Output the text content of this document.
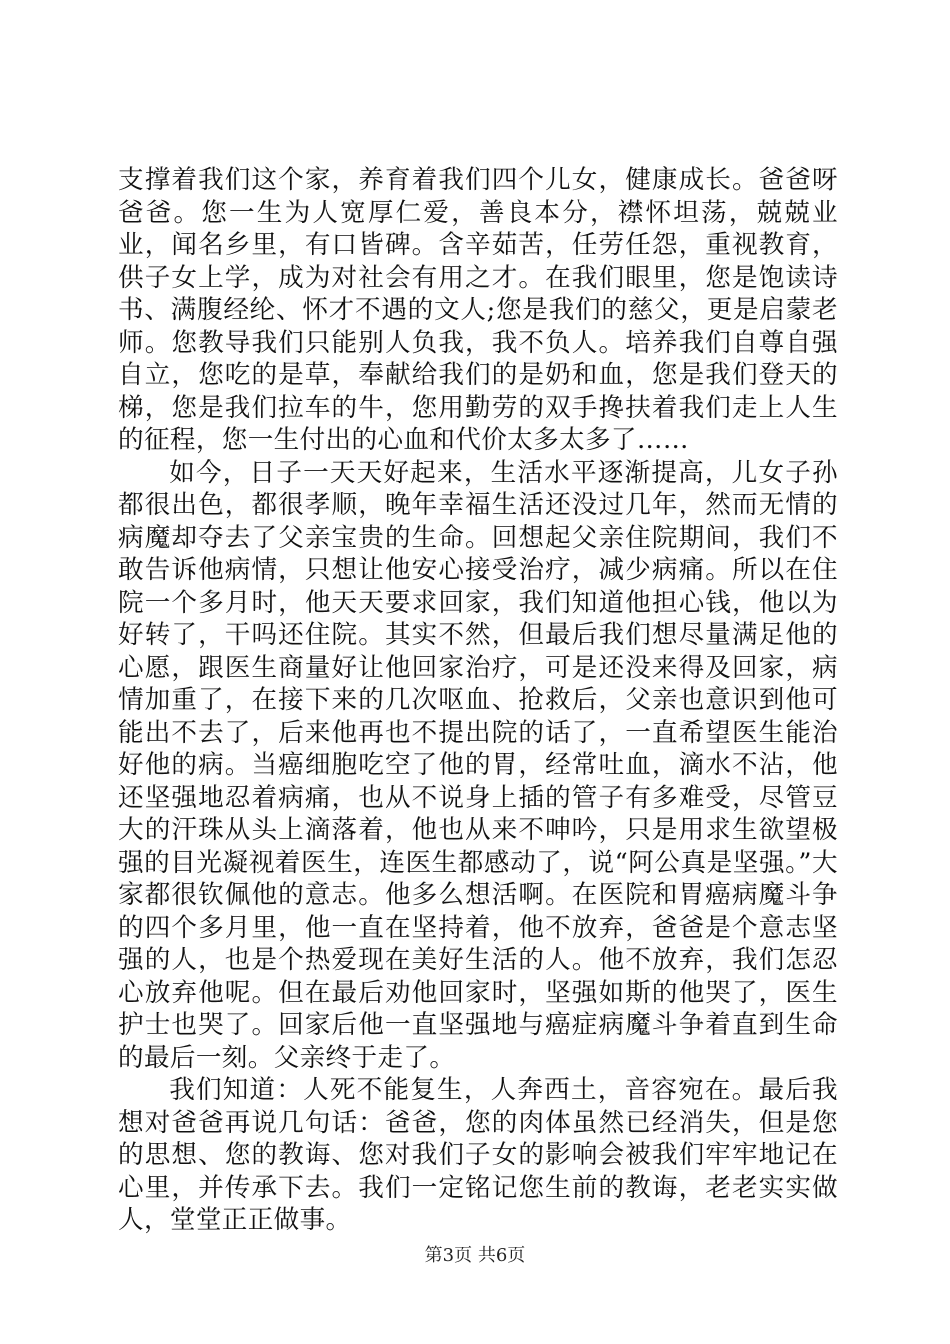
支撑着我们这个家，养育着我们四个儿女，健康成长。爸爸呀爸爸。您一生为人宽厚仁爱，善良本分，襟怀坦荡，兢兢业业，闻名乡里，有口皆碑。含辛茹苦，任劳任怨，重视教育，供子女上学，成为对社会有用之才。在我们眼里，您是饱读诗书、满腹经纶、怀才不遇的文人;您是我们的慈父，更是启蒙老师。您教导我们只能别人负我，我不负人。培养我们自尊自强自立，您吃的是草，奉献给我们的是奶和血，您是我们登天的梯，您是我们拉车的牛，您用勤劳的双手搀扶着我们走上人生的征程，您一生付出的心血和代价太多太多了……

如今，日子一天天好起来，生活水平逐渐提高，儿女子孙都很出色，都很孝顺，晚年幸福生活还没过几年，然而无情的病魔却夺去了父亲宝贵的生命。回想起父亲住院期间，我们不敢告诉他病情，只想让他安心接受治疗，减少病痛。所以在住院一个多月时，他天天要求回家，我们知道他担心钱，他以为好转了，干吗还住院。其实不然，但最后我们想尽量满足他的心愿，跟医生商量好让他回家治疗，可是还没来得及回家，病情加重了，在接下来的几次呕血、抢救后，父亲也意识到他可能出不去了，后来他再也不提出院的话了，一直希望医生能治好他的病。当癌细胞吃空了他的胃，经常吐血，滴水不沾，他还坚强地忍着病痛，也从不说身上插的管子有多难受，尽管豆大的汗珠从头上滴落着，他也从来不呻吟，只是用求生欲望极强的目光凝视着医生，连医生都感动了，说“阿公真是坚强。”大家都很钦佩他的意志。他多么想活啊。在医院和胃癌病魔斗争的四个多月里，他一直在坚持着，他不放弃，爸爸是个意志坚强的人，也是个热爱现在美好生活的人。他不放弃，我们怎忍心放弃他呢。但在最后劝他回家时，坚强如斯的他哭了，医生护士也哭了。回家后他一直坚强地与癌症病魔斗争着直到生命的最后一刻。父亲终于走了。

我们知道：人死不能复生，人奔西土，音容宛在。最后我想对爸爸再说几句话：爸爸，您的肉体虽然已经消失，但是您的思想、您的教诲、您对我们子女的影响会被我们牢牢地记在心里，并传承下去。我们一定铭记您生前的教诲，老老实实做人，堂堂正正做事。

第3页 共6页
